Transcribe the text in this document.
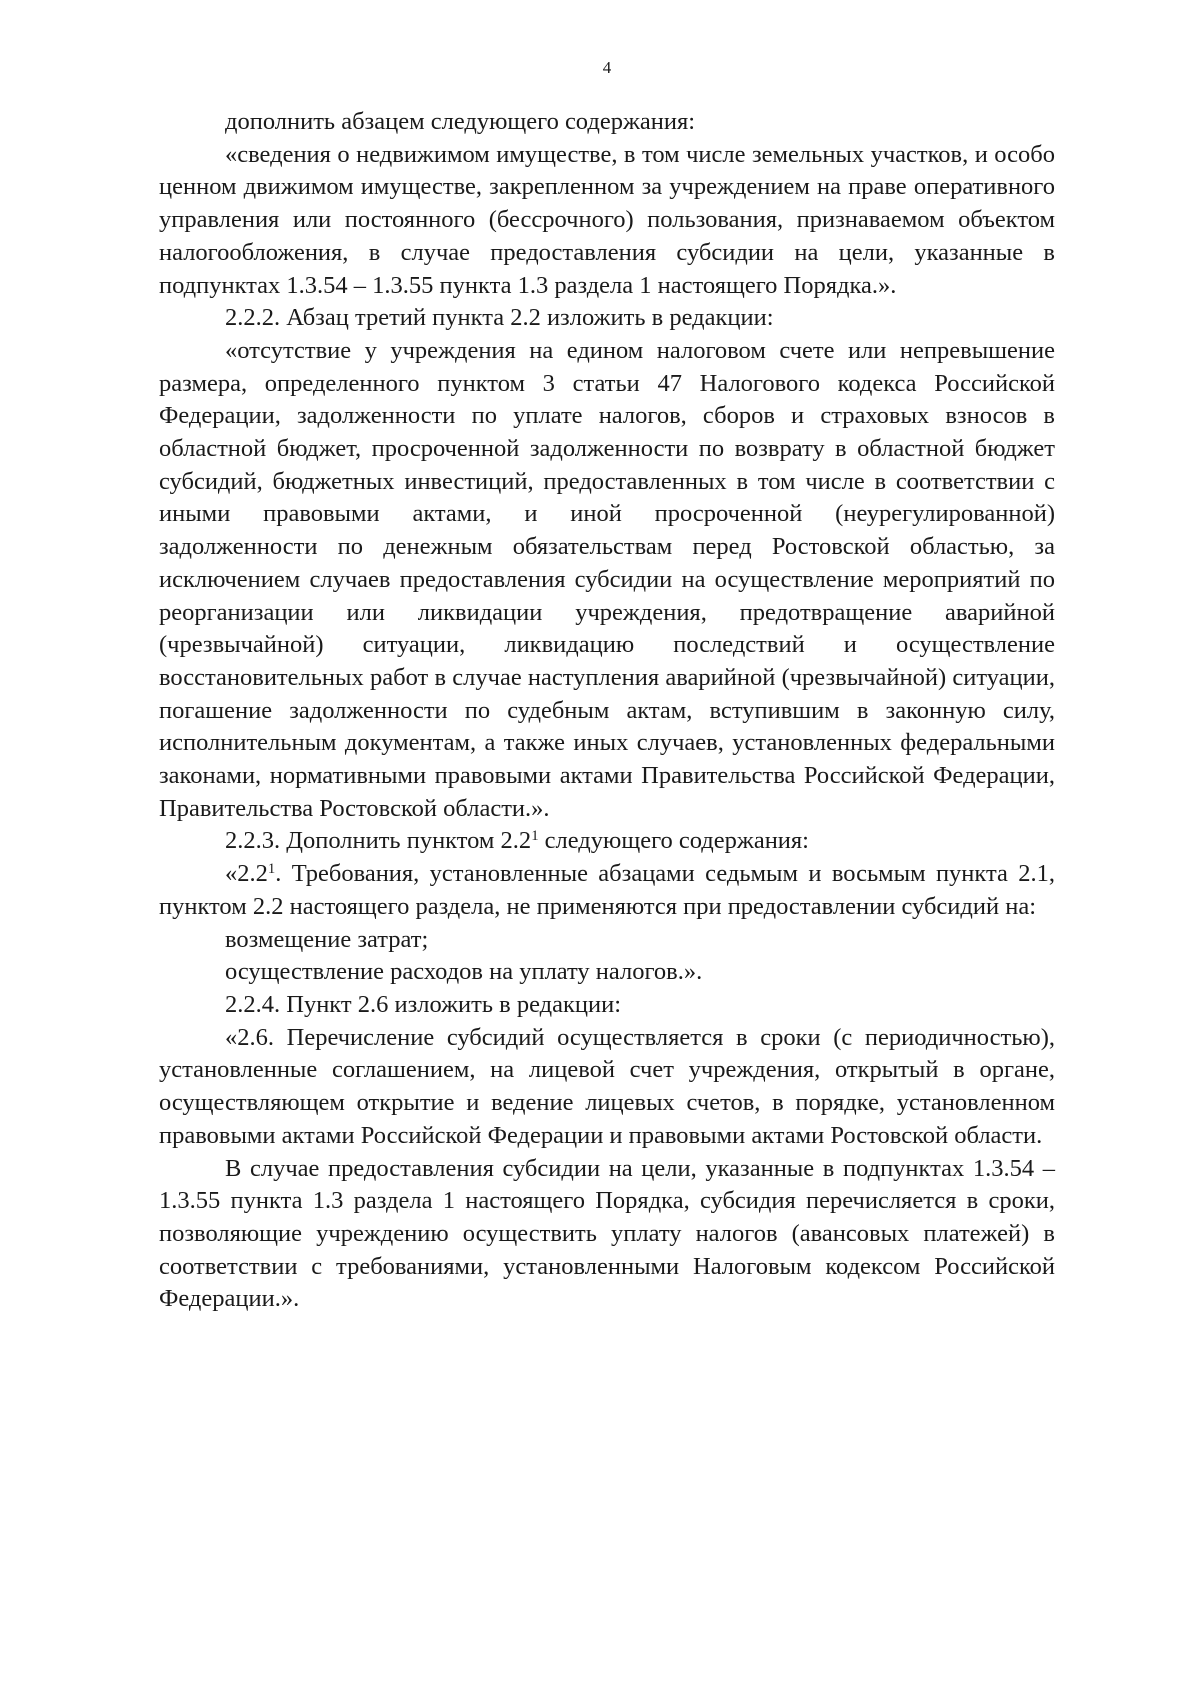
4

дополнить абзацем следующего содержания:

«сведения о недвижимом имуществе, в том числе земельных участков, и особо ценном движимом имуществе, закрепленном за учреждением на праве оперативного управления или постоянного (бессрочного) пользования, признаваемом объектом налогообложения, в случае предоставления субсидии на цели, указанные в подпунктах 1.3.54 – 1.3.55 пункта 1.3 раздела 1 настоящего Порядка.».

2.2.2. Абзац третий пункта 2.2 изложить в редакции:

«отсутствие у учреждения на едином налоговом счете или непревышение размера, определенного пунктом 3 статьи 47 Налогового кодекса Российской Федерации, задолженности по уплате налогов, сборов и страховых взносов в областной бюджет, просроченной задолженности по возврату в областной бюджет субсидий, бюджетных инвестиций, предоставленных в том числе в соответствии с иными правовыми актами, и иной просроченной (неурегулированной) задолженности по денежным обязательствам перед Ростовской областью, за исключением случаев предоставления субсидии на осуществление мероприятий по реорганизации или ликвидации учреждения, предотвращение аварийной (чрезвычайной) ситуации, ликвидацию последствий и осуществление восстановительных работ в случае наступления аварийной (чрезвычайной) ситуации, погашение задолженности по судебным актам, вступившим в законную силу, исполнительным документам, а также иных случаев, установленных федеральными законами, нормативными правовыми актами Правительства Российской Федерации, Правительства Ростовской области.».

2.2.3. Дополнить пунктом $2.2^1$ следующего содержания:

«$2.2^1$. Требования, установленные абзацами седьмым и восьмым пункта 2.1, пунктом 2.2 настоящего раздела, не применяются при предоставлении субсидий на:

возмещение затрат;

осуществление расходов на уплату налогов.».

2.2.4. Пункт 2.6 изложить в редакции:

«2.6. Перечисление субсидий осуществляется в сроки (с периодичностью), установленные соглашением, на лицевой счет учреждения, открытый в органе, осуществляющем открытие и ведение лицевых счетов, в порядке, установленном правовыми актами Российской Федерации и правовыми актами Ростовской области.

В случае предоставления субсидии на цели, указанные в подпунктах 1.3.54 – 1.3.55 пункта 1.3 раздела 1 настоящего Порядка, субсидия перечисляется в сроки, позволяющие учреждению осуществить уплату налогов (авансовых платежей) в соответствии с требованиями, установленными Налоговым кодексом Российской Федерации.».
